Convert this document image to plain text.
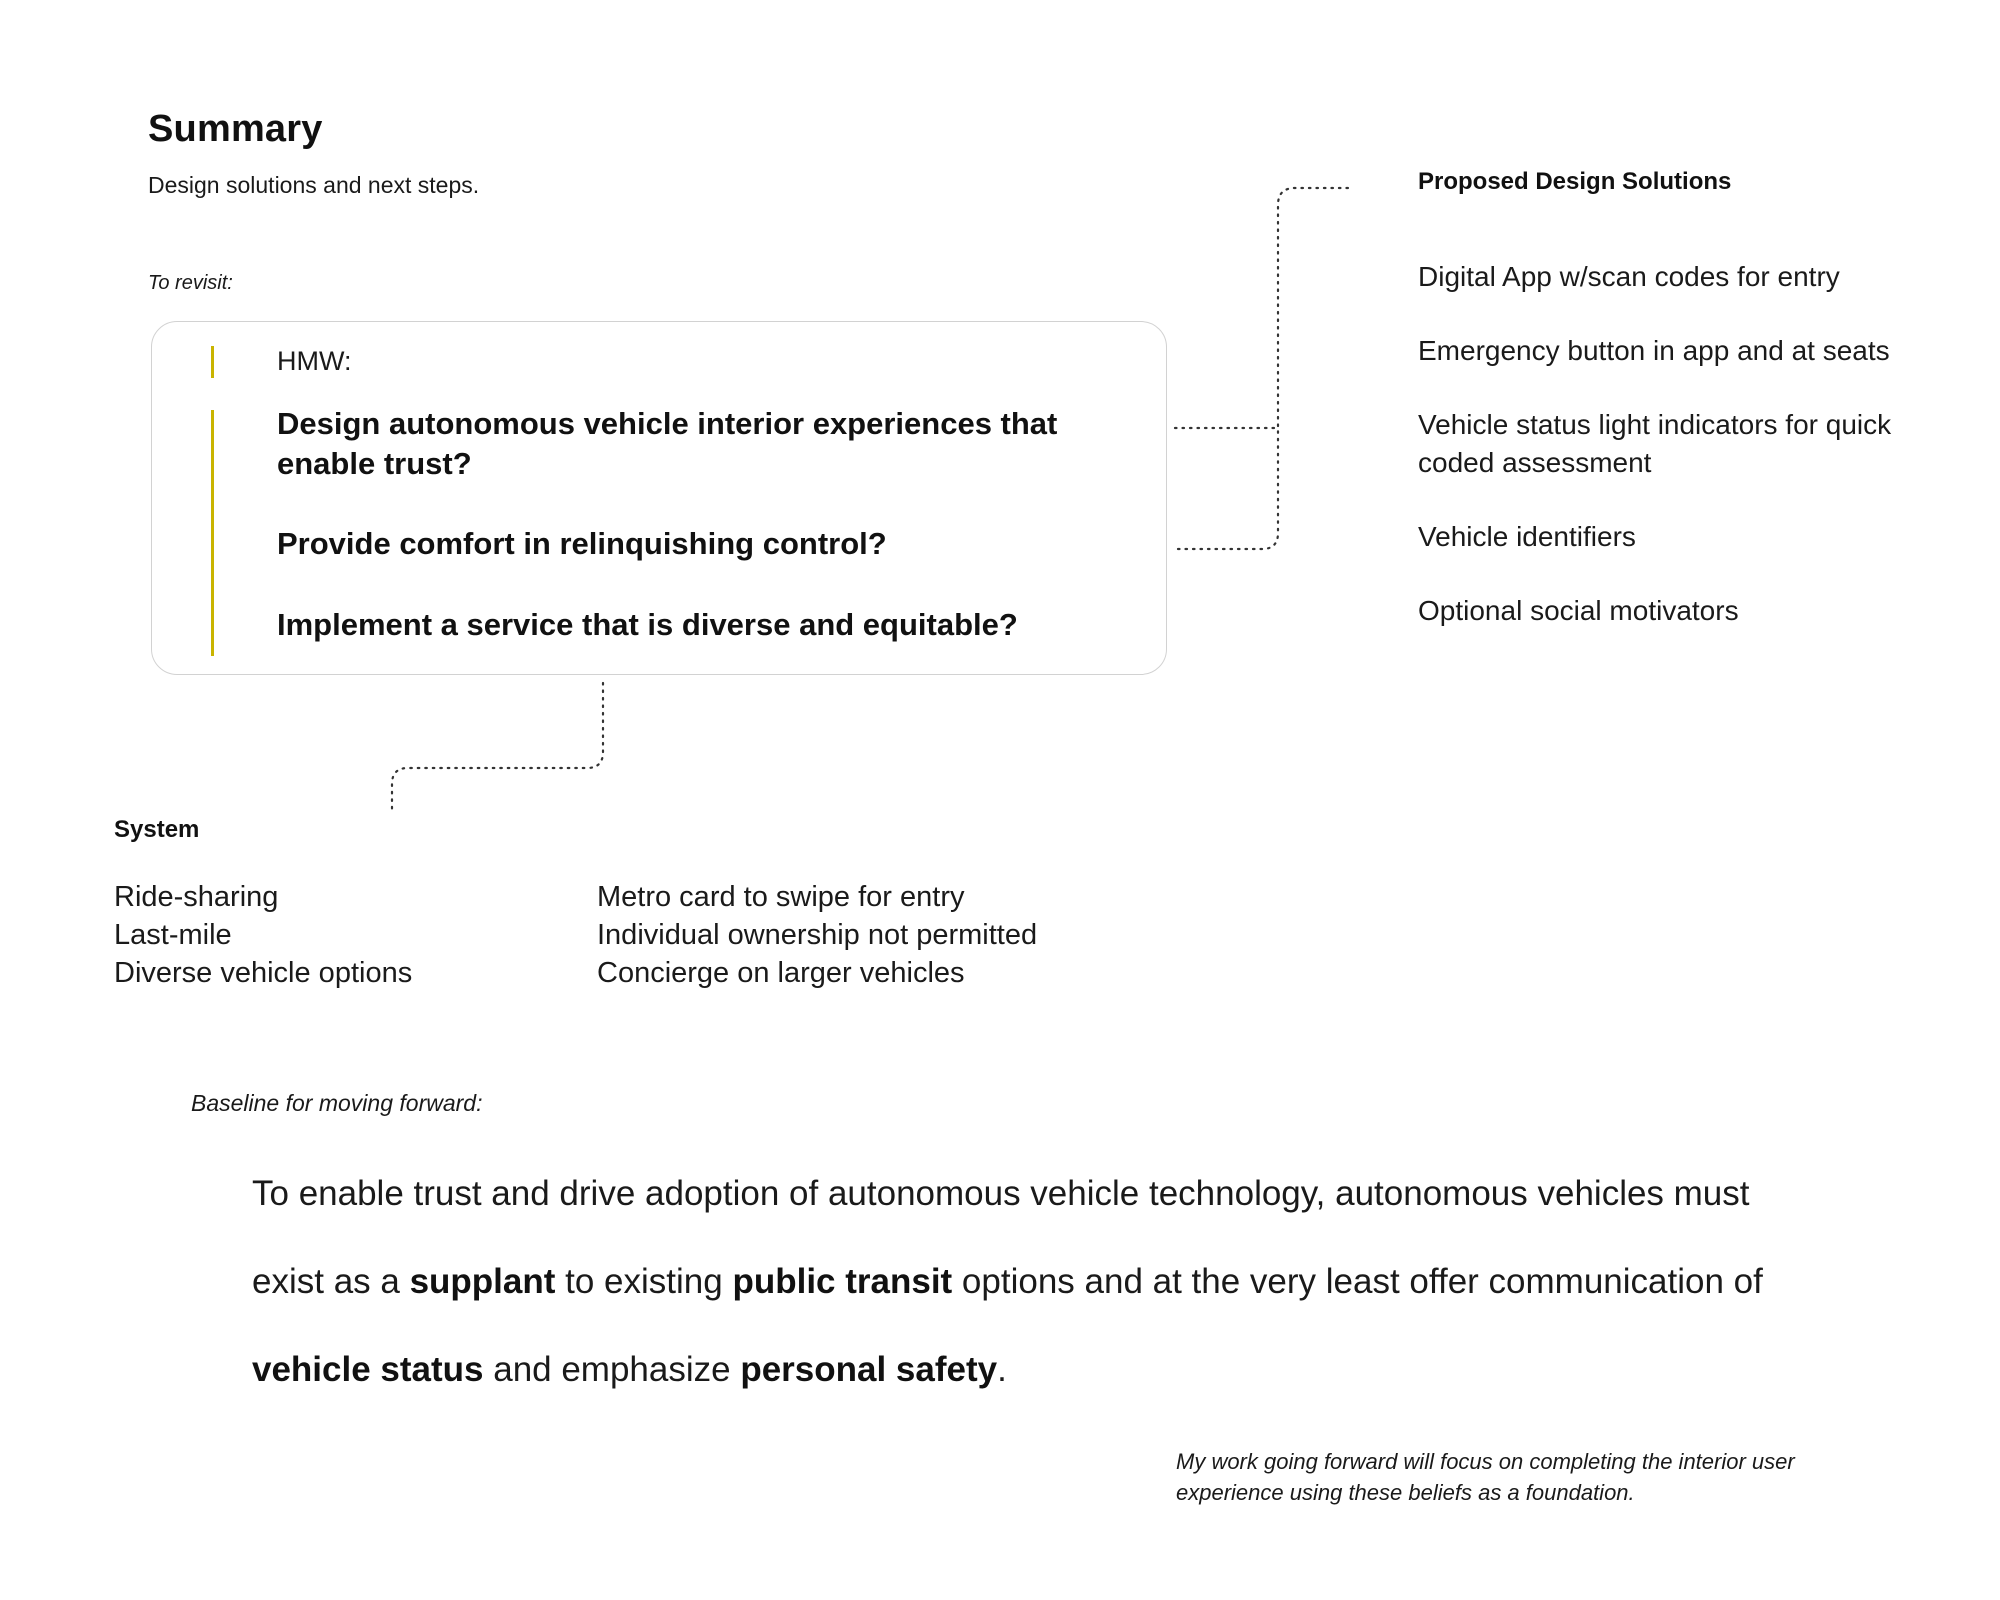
Summary
Design solutions and next steps.
To revisit:
HMW:
Design autonomous vehicle interior experiences that enable trust?
Provide comfort in relinquishing control?
Implement a service that is diverse and equitable?
Proposed Design Solutions
Digital App w/scan codes for entry
Emergency button in app and at seats
Vehicle status light indicators for quick coded assessment
Vehicle identifiers
Optional social motivators
System
Ride-sharing
Last-mile
Diverse vehicle options
Metro card to swipe for entry
Individual ownership not permitted
Concierge on larger vehicles
Baseline for moving forward:
To enable trust and drive adoption of autonomous vehicle technology, autonomous vehicles must exist as a supplant to existing public transit options and at the very least offer communication of vehicle status and emphasize personal safety.
My work going forward will focus on completing the interior user experience using these beliefs as a foundation.
